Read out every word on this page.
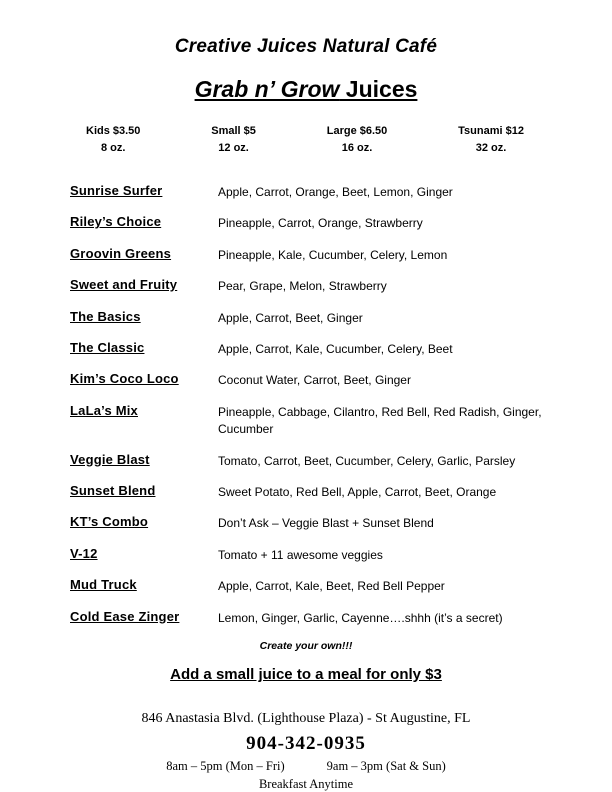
Creative Juices Natural Café
Grab n’ Grow Juices
Kids $3.50
8 oz.
Small $5
12 oz.
Large $6.50
16 oz.
Tsunami $12
32 oz.
Sunrise Surfer	Apple, Carrot, Orange, Beet, Lemon, Ginger
Riley’s Choice	Pineapple, Carrot, Orange, Strawberry
Groovin Greens	Pineapple, Kale, Cucumber, Celery, Lemon
Sweet and Fruity	Pear, Grape, Melon, Strawberry
The Basics	Apple, Carrot, Beet, Ginger
The Classic	Apple, Carrot, Kale, Cucumber, Celery, Beet
Kim’s Coco Loco	Coconut Water, Carrot, Beet, Ginger
LaLa’s Mix	Pineapple, Cabbage, Cilantro, Red Bell, Red Radish, Ginger, Cucumber
Veggie Blast	Tomato, Carrot, Beet, Cucumber, Celery, Garlic, Parsley
Sunset Blend	Sweet Potato, Red Bell, Apple, Carrot, Beet, Orange
KT’s Combo	Don’t Ask – Veggie Blast + Sunset Blend
V-12	Tomato + 11 awesome veggies
Mud Truck	Apple, Carrot, Kale, Beet, Red Bell Pepper
Cold Ease Zinger	Lemon, Ginger, Garlic, Cayenne….shhh (it’s a secret)
Create your own!!!
Add a small juice to a meal for only $3
846 Anastasia Blvd. (Lighthouse Plaza) - St Augustine, FL
904-342-0935
8am – 5pm (Mon – Fri)	9am – 3pm (Sat & Sun)
Breakfast Anytime
